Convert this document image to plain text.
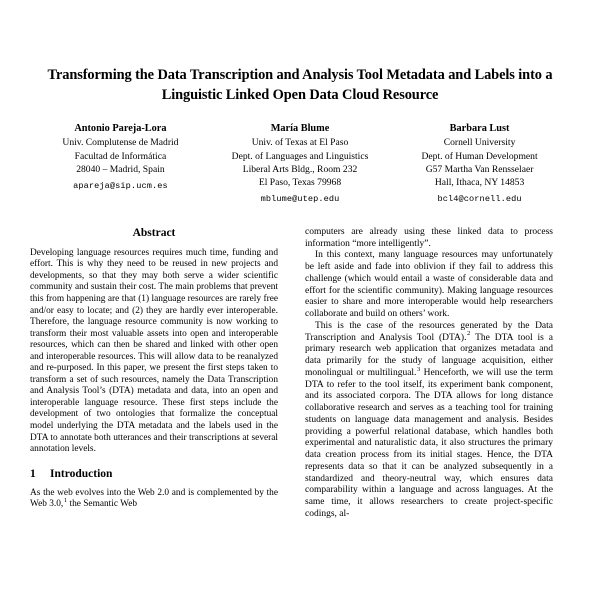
Transforming the Data Transcription and Analysis Tool Metadata and Labels into a Linguistic Linked Open Data Cloud Resource
Antonio Pareja-Lora
Univ. Complutense de Madrid
Facultad de Informática
28040 – Madrid, Spain
apareja@sip.ucm.es
María Blume
Univ. of Texas at El Paso
Dept. of Languages and Linguistics
Liberal Arts Bldg., Room 232
El Paso, Texas 79968
mblume@utep.edu
Barbara Lust
Cornell University
Dept. of Human Development
G57 Martha Van Rensselaer
Hall, Ithaca, NY 14853
bcl4@cornell.edu
Abstract

Developing language resources requires much time, funding and effort. This is why they need to be reused in new projects and developments, so that they may both serve a wider scientific community and sustain their cost. The main problems that prevent this from happening are that (1) language resources are rarely free and/or easy to locate; and (2) they are hardly ever interoperable. Therefore, the language resource community is now working to transform their most valuable assets into open and interoperable resources, which can then be shared and linked with other open and interoperable resources. This will allow data to be reanalyzed and re-purposed. In this paper, we present the first steps taken to transform a set of such resources, namely the Data Transcription and Analysis Tool’s (DTA) metadata and data, into an open and interoperable language resource. These first steps include the development of two ontologies that formalize the conceptual model underlying the DTA metadata and the labels used in the DTA to annotate both utterances and their transcriptions at several annotation levels.

1	Introduction

As the web evolves into the Web 2.0 and is complemented by the Web 3.0,$^1$ the Semantic Web

computers are already using these linked data to process information “more intelligently”.

In this context, many language resources may unfortunately be left aside and fade into oblivion if they fail to address this challenge (which would entail a waste of considerable data and effort for the scientific community). Making language resources easier to share and more interoperable would help researchers collaborate and build on others’ work.

This is the case of the resources generated by the Data Transcription and Analysis Tool (DTA).$^2$ The DTA tool is a primary research web application that organizes metadata and data primarily for the study of language acquisition, either monolingual or multilingual.$^3$ Henceforth, we will use the term DTA to refer to the tool itself, its experiment bank component, and its associated corpora. The DTA allows for long distance collaborative research and serves as a teaching tool for training students on language data management and analysis. Besides providing a powerful relational database, which handles both experimental and naturalistic data, it also structures the primary data creation process from its initial stages. Hence, the DTA represents data so that it can be analyzed subsequently in a standardized and theory-neutral way, which ensures data comparability within a language and across languages. At the same time, it allows researchers to create project-specific codings, al-
